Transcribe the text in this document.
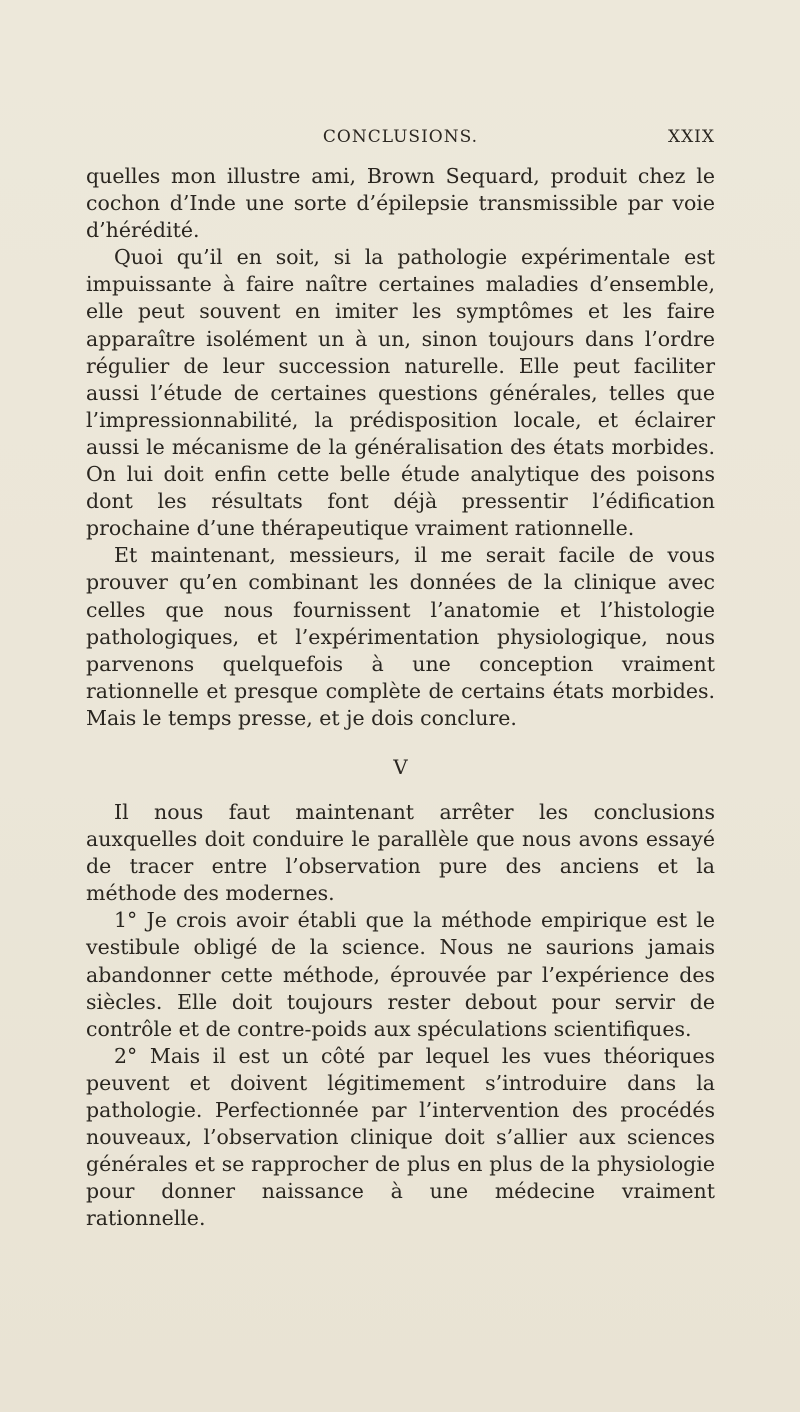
CONCLUSIONS.	XXIX

quelles mon illustre ami, Brown Sequard, produit chez le cochon d’Inde une sorte d’épilepsie transmissible par voie d’hérédité.

Quoi qu’il en soit, si la pathologie expérimentale est impuissante à faire naître certaines maladies d’ensemble, elle peut souvent en imiter les symptômes et les faire apparaître isolément un à un, sinon toujours dans l’ordre régulier de leur succession naturelle. Elle peut faciliter aussi l’étude de certaines questions générales, telles que l’impressionnabilité, la prédisposition locale, et éclairer aussi le mécanisme de la généralisation des états morbides. On lui doit enfin cette belle étude analytique des poisons dont les résultats font déjà pressentir l’édification prochaine d’une thérapeutique vraiment rationnelle.

Et maintenant, messieurs, il me serait facile de vous prouver qu’en combinant les données de la clinique avec celles que nous fournissent l’anatomie et l’histologie pathologiques, et l’expérimentation physiologique, nous parvenons quelquefois à une conception vraiment rationnelle et presque complète de certains états morbides. Mais le temps presse, et je dois conclure.

V

Il nous faut maintenant arrêter les conclusions auxquelles doit conduire le parallèle que nous avons essayé de tracer entre l’observation pure des anciens et la méthode des modernes.

1° Je crois avoir établi que la méthode empirique est le vestibule obligé de la science. Nous ne saurions jamais abandonner cette méthode, éprouvée par l’expérience des siècles. Elle doit toujours rester debout pour servir de contrôle et de contre-poids aux spéculations scientifiques.

2° Mais il est un côté par lequel les vues théoriques peuvent et doivent légitimement s’introduire dans la pathologie. Perfectionnée par l’intervention des procédés nouveaux, l’observation clinique doit s’allier aux sciences générales et se rapprocher de plus en plus de la physiologie pour donner naissance à une médecine vraiment rationnelle.
